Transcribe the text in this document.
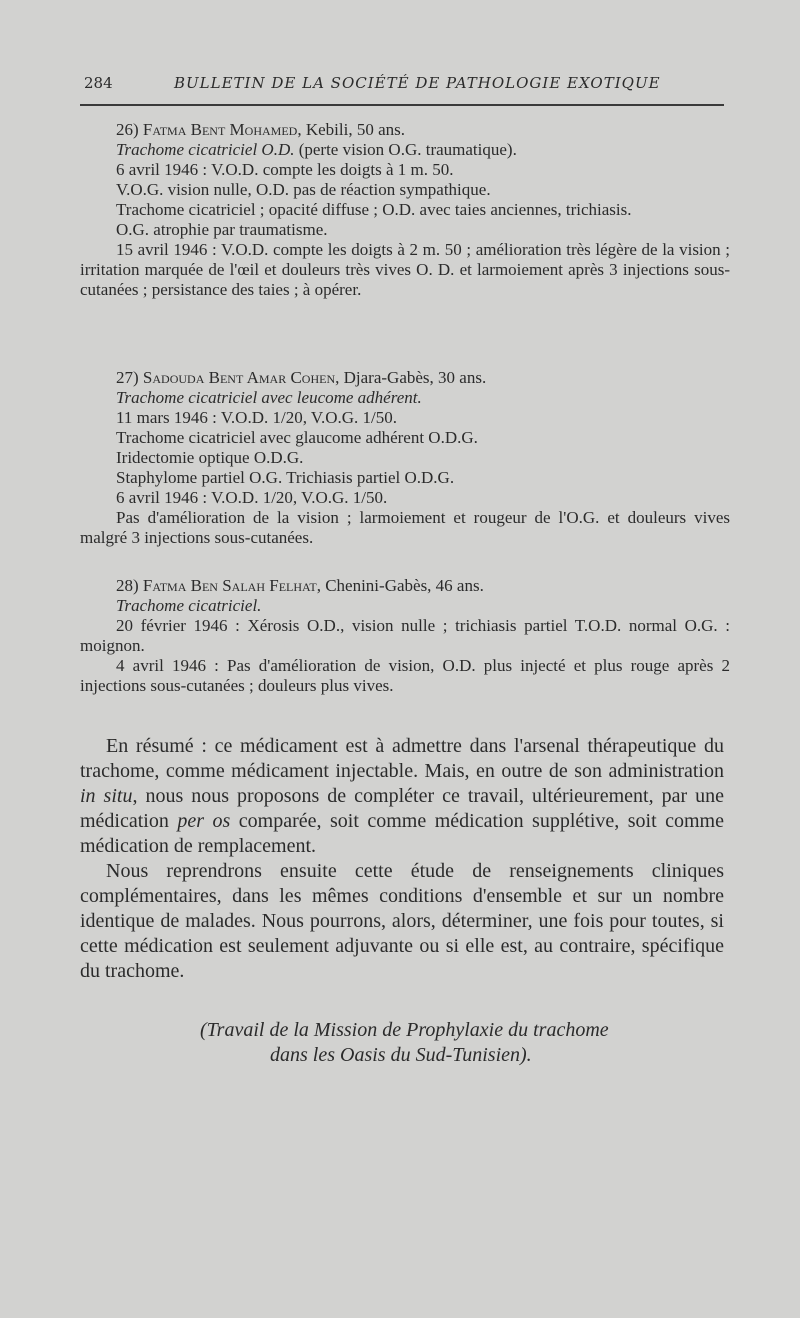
284	BULLETIN DE LA SOCIÉTÉ DE PATHOLOGIE EXOTIQUE

26) Fatma Bent Mohamed, Kebili, 50 ans.

Trachome cicatriciel O.D. (perte vision O.G. traumatique).

6 avril 1946 : V.O.D. compte les doigts à 1 m. 50.

V.O.G. vision nulle, O.D. pas de réaction sympathique.

Trachome cicatriciel ; opacité diffuse ; O.D. avec taies anciennes, trichiasis.

O.G. atrophie par traumatisme.

15 avril 1946 : V.O.D. compte les doigts à 2 m. 50 ; amélioration très légère de la vision ; irritation marquée de l'œil et douleurs très vives O. D. et larmoiement après 3 injections sous-cutanées ; persistance des taies ; à opérer.

27) Sadouda Bent Amar Cohen, Djara-Gabès, 30 ans.

Trachome cicatriciel avec leucome adhérent.

11 mars 1946 : V.O.D. 1/20, V.O.G. 1/50.

Trachome cicatriciel avec glaucome adhérent O.D.G.

Iridectomie optique O.D.G.

Staphylome partiel O.G. Trichiasis partiel O.D.G.

6 avril 1946 : V.O.D. 1/20, V.O.G. 1/50.

Pas d'amélioration de la vision ; larmoiement et rougeur de l'O.G. et douleurs vives malgré 3 injections sous-cutanées.

28) Fatma Ben Salah Felhat, Chenini-Gabès, 46 ans.

Trachome cicatriciel.

20 février 1946 : Xérosis O.D., vision nulle ; trichiasis partiel T.O.D. normal O.G. : moignon.

4 avril 1946 : Pas d'amélioration de vision, O.D. plus injecté et plus rouge après 2 injections sous-cutanées ; douleurs plus vives.

En résumé : ce médicament est à admettre dans l'arsenal thérapeutique du trachome, comme médicament injectable. Mais, en outre de son administration in situ, nous nous proposons de compléter ce travail, ultérieurement, par une médication per os comparée, soit comme médication supplétive, soit comme médication de remplacement.

Nous reprendrons ensuite cette étude de renseignements cliniques complémentaires, dans les mêmes conditions d'ensemble et sur un nombre identique de malades. Nous pourrons, alors, déterminer, une fois pour toutes, si cette médication est seulement adjuvante ou si elle est, au contraire, spécifique du trachome.

(Travail de la Mission de Prophylaxie du trachome
dans les Oasis du Sud-Tunisien).
